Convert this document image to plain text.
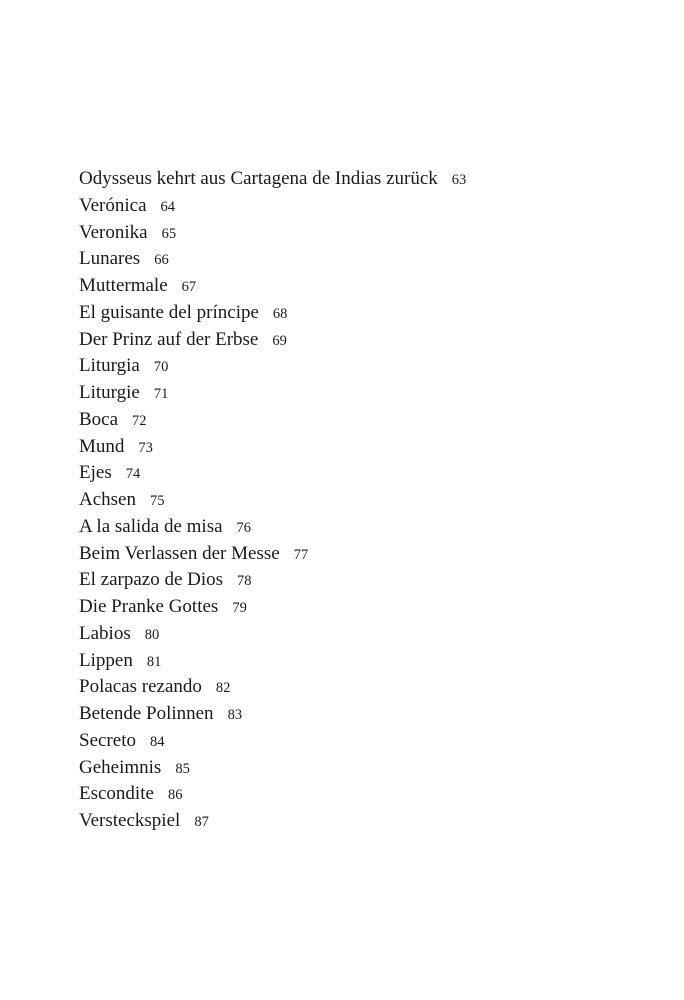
Odysseus kehrt aus Cartagena de Indias zurück 63
Verónica 64
Veronika 65
Lunares 66
Muttermale 67
El guisante del príncipe 68
Der Prinz auf der Erbse 69
Liturgia 70
Liturgie 71
Boca 72
Mund 73
Ejes 74
Achsen 75
A la salida de misa 76
Beim Verlassen der Messe 77
El zarpazo de Dios 78
Die Pranke Gottes 79
Labios 80
Lippen 81
Polacas rezando 82
Betende Polinnen 83
Secreto 84
Geheimnis 85
Escondite 86
Versteckspiel 87
